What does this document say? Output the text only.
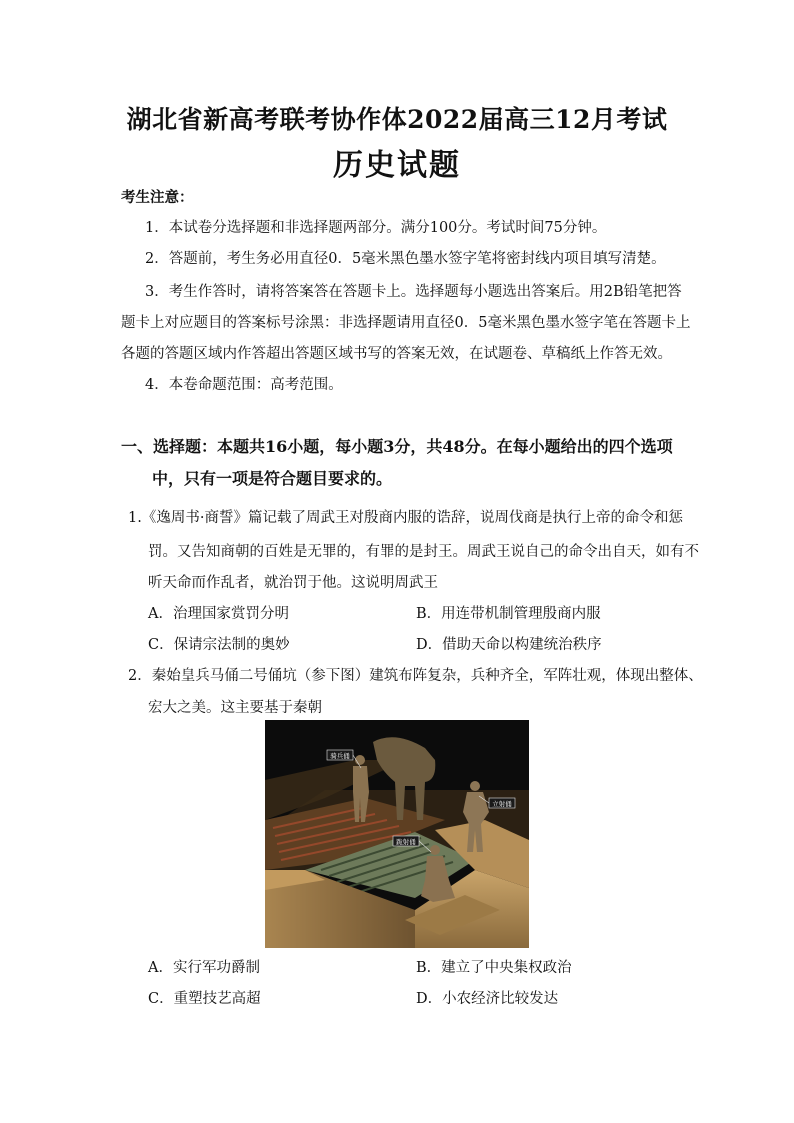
湖北省新高考联考协作体2022届高三12月考试
历史试题
考生注意：
1．本试卷分选择题和非选择题两部分。满分100分。考试时间75分钟。
2．答题前，考生务必用直径0．5毫米黑色墨水签字笔将密封线内项目填写清楚。
3．考生作答时，请将答案答在答题卡上。选择题每小题选出答案后。用2B铅笔把答
题卡上对应题目的答案标号涂黑：非选择题请用直径0．5毫米黑色墨水签字笔在答题卡上
各题的答题区域内作答超出答题区域书写的答案无效，在试题卷、草稿纸上作答无效。
4．本卷命题范围：高考范围。
一、选择题：本题共16小题，每小题3分，共48分。在每小题给出的四个选项
中，只有一项是符合题目要求的。
1.《逸周书·商誓》篇记载了周武王对殷商内服的诰辞，说周伐商是执行上帝的命令和惩
罚。又告知商朝的百姓是无罪的，有罪的是封王。周武王说自己的命令出自天，如有不
听天命而作乱者，就治罚于他。这说明周武王
A．治理国家赏罚分明	B．用连带机制管理殷商内服
C．保请宗法制的奥妙	D．借助天命以构建统治秩序
2．秦始皇兵马俑二号俑坑（参下图）建筑布阵复杂，兵种齐全，军阵壮观，体现出整体、
宏大之美。这主要基于秦朝
骑兵俑
立射俑
跪射俑
A．实行军功爵制	B．建立了中央集权政治
C．重塑技艺高超	D．小农经济比较发达
